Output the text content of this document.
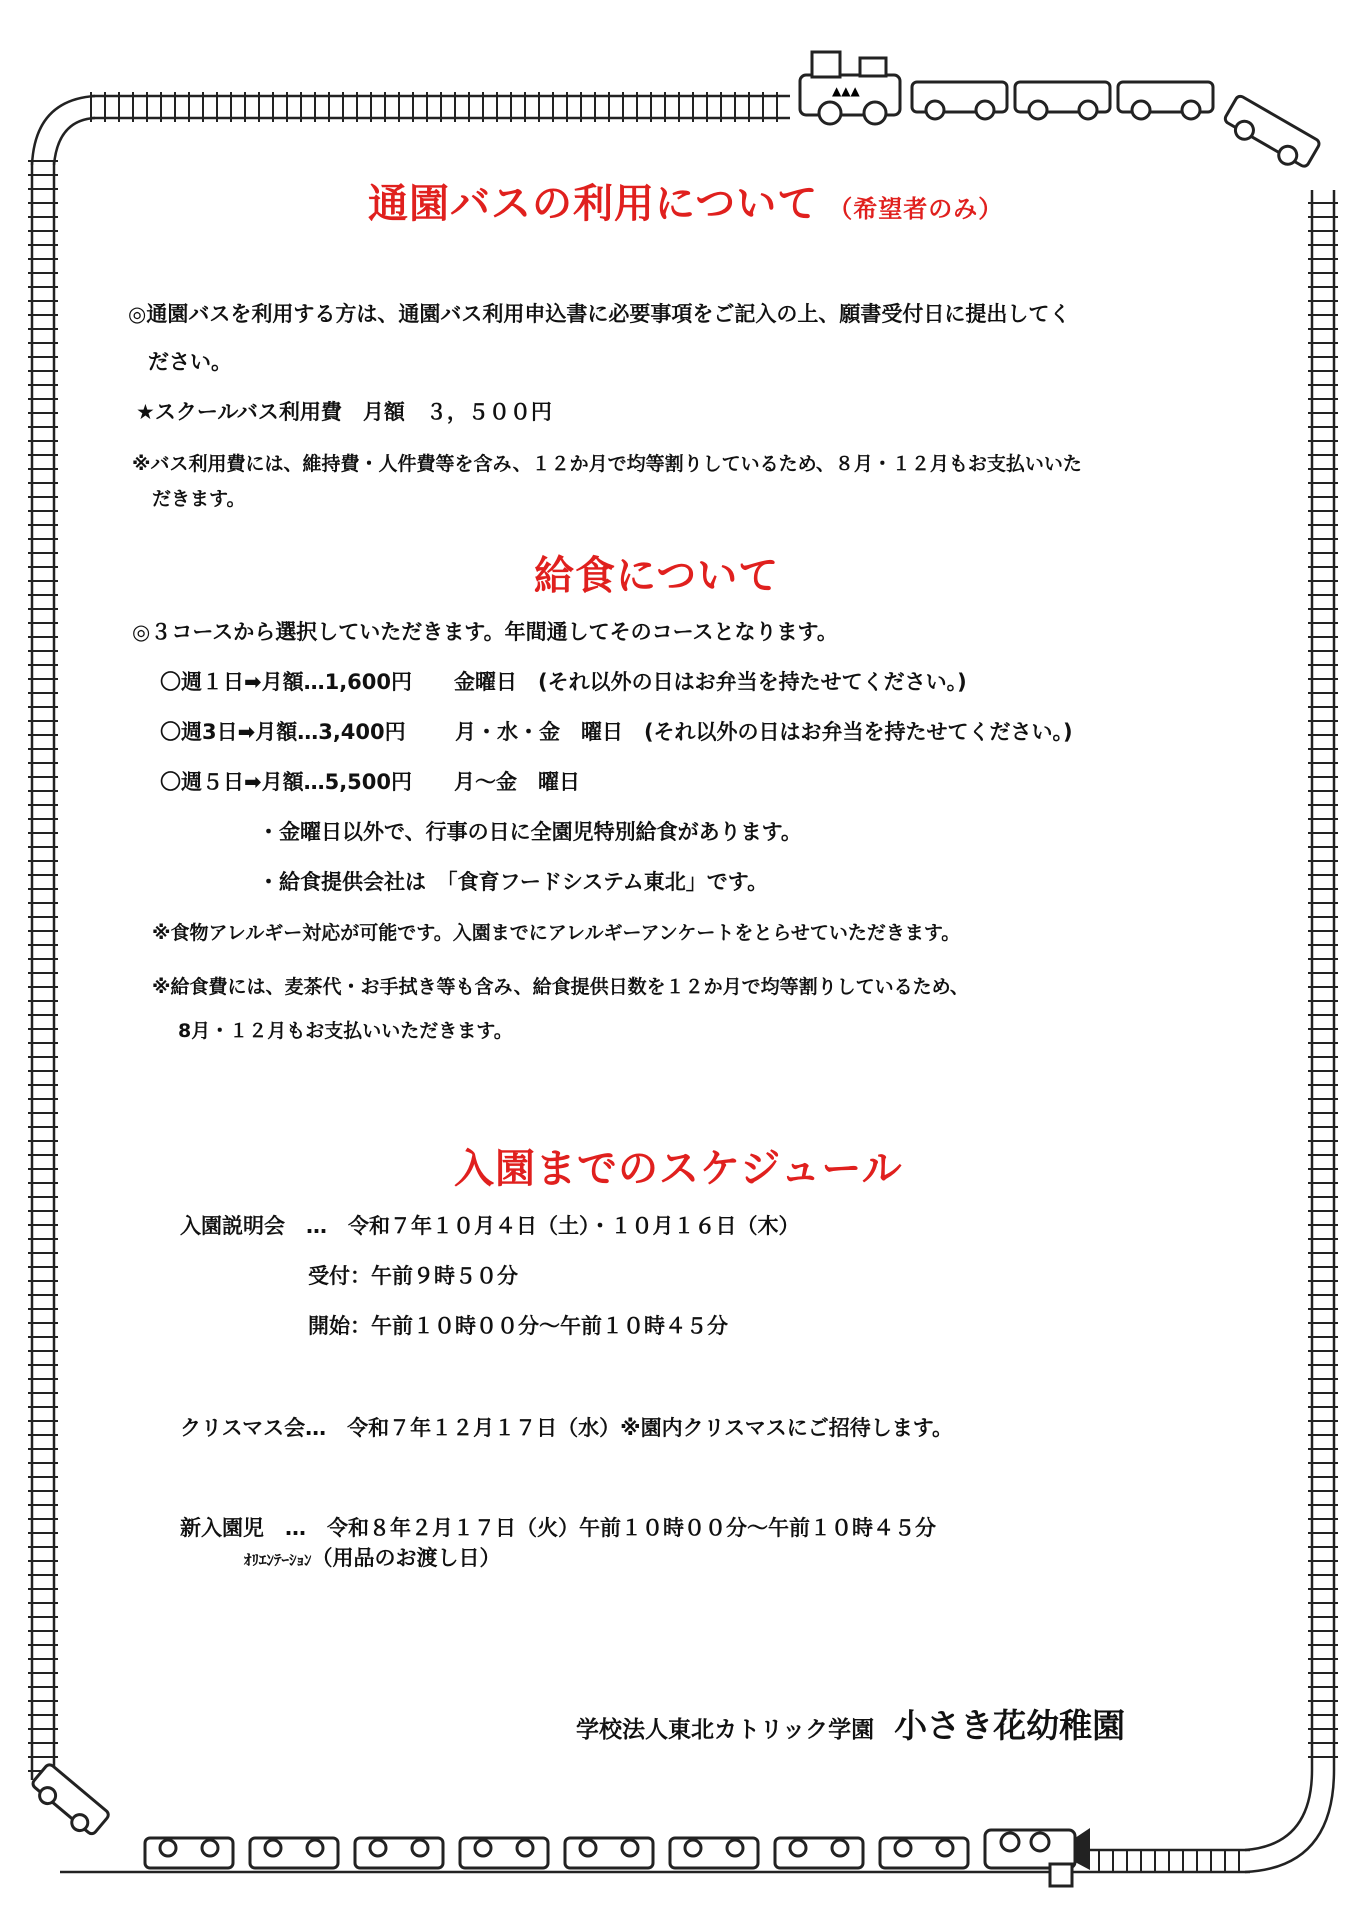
▲▲▲
通園バスの利用について （希望者のみ）
◎通園バスを利用する方は、通園バス利用申込書に必要事項をご記入の上、願書受付日に提出してく
ださい。
★スクールバス利用費　月額　３，５００円
※バス利用費には、維持費・人件費等を含み、１２か月で均等割りしているため、８月・１２月もお支払いいた
だきます。
給食について
◎３コースから選択していただきます。年間通してそのコースとなります。
〇週１日➡月額…1,600円　　金曜日　(それ以外の日はお弁当を持たせてください。)
〇週3日➡月額…3,400円　　 月・水・金　曜日　(それ以外の日はお弁当を持たせてください。)
〇週５日➡月額…5,500円　　月〜金　曜日
・金曜日以外で、行事の日に全園児特別給食があります。
・給食提供会社は　「食育フードシステム東北」です。
※食物アレルギー対応が可能です。入園までにアレルギーアンケートをとらせていただきます。
※給食費には、麦茶代・お手拭き等も含み、給食提供日数を１２か月で均等割りしているため、
8月・１２月もお支払いいただきます。
入園までのスケジュール
入園説明会　…　令和７年１０月４日（土）・１０月１６日（木）
受付：午前９時５０分
開始：午前１０時００分〜午前１０時４５分
クリスマス会…　令和７年１２月１７日（水）※園内クリスマスにご招待します。
新入園児　…　令和８年２月１７日（火）午前１０時００分〜午前１０時４５分
ｵﾘｴﾝﾃｰｼｮﾝ（用品のお渡し日）
学校法人東北カトリック学園 小さき花幼稚園
